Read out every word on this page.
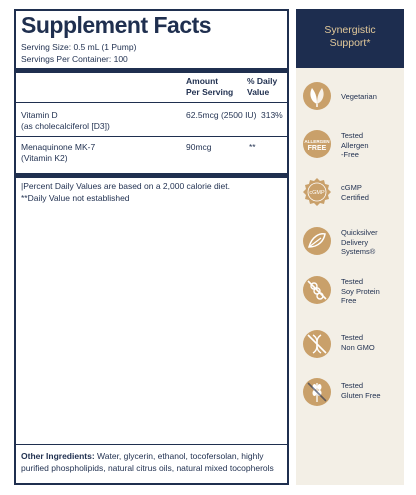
Supplement Facts
Serving Size: 0.5 mL (1 Pump)
Servings Per Container: 100
Amount
Per Serving
% Daily
Value
Vitamin D
(as cholecalciferol [D3])
62.5mcg (2500 IU) 313%
Menaquinone MK-7
(Vitamin K2)
90mcg	**
|Percent Daily Values are based on a 2,000 calorie diet.
**Daily Value not established
Other Ingredients: Water, glycerin, ethanol, tocofersolan, highly purified phospholipids, natural citrus oils, natural mixed tocopherols
Synergistic
Support*
Vegetarian
ALLERGEN
FREE
Tested
Allergen
-Free
cGMP
cGMP
Certified
Quicksilver
Delivery
Systems®
Tested
Soy Protein
Free
Tested
Non GMO
Tested
Gluten Free
